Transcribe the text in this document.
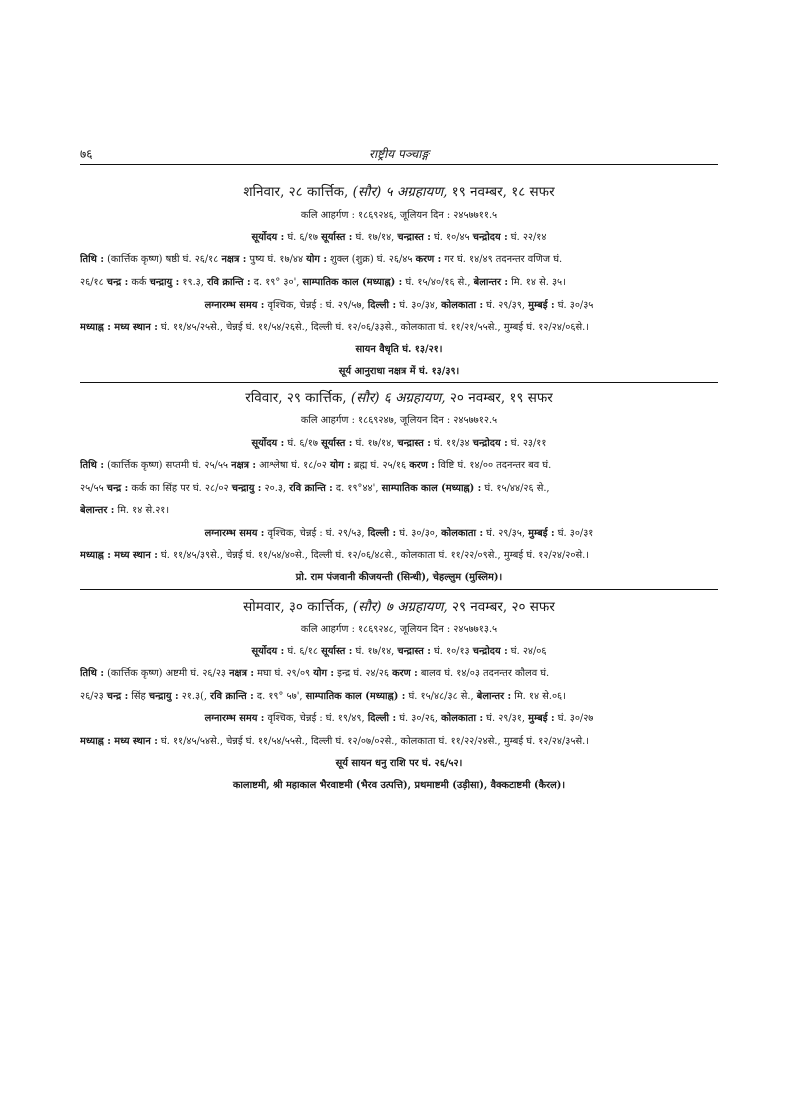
७६	राष्ट्रीय पञ्चाङ्ग
शनिवार, २८ कार्त्तिक, (सौर) ५ अग्रहायण, १९ नवम्बर, १८ सफर
कलि आहर्गण : १८६९२४६, जूलियन दिन : २४५७७११.५
सूर्योदय : घं. ६/१७ सूर्यास्त : घं. १७/१४, चन्द्रास्त : घं. १०/४५ चन्द्रोदय : घं. २२/१४
तिथि : (कार्त्तिक कृष्ण) षष्ठी घं. २६/१८ नक्षत्र : पुष्य घं. १७/४४ योग : शुक्ल (शुक्र) घं. २६/४५ करण : गर घं. १४/४९ तदनन्तर वणिज घं.
२६/१८ चन्द्र : कर्क चन्द्रायु : १९.३, रवि क्रान्ति : द. १९° ३०', साम्पातिक काल (मध्याह्न) : घं. १५/४०/१६ से., बेलान्तर : मि. १४ से. ३५।
लग्नारम्भ समय : वृश्चिक, चेन्नई : घं. २९/५७, दिल्ली : घं. ३०/३४, कोलकाता : घं. २९/३९, मुम्बई : घं. ३०/३५
मध्याह्न : मध्य स्थान : घं. ११/४५/२५से., चेन्नई घं. ११/५४/२६से., दिल्ली घं. १२/०६/३३से., कोलकाता घं. ११/२१/५५से., मुम्बई घं. १२/२४/०६से.।
सायन वैधृति घं. १३/२१।
सूर्य आनुराधा नक्षत्र में घं. १३/३९।
रविवार, २९ कार्त्तिक, (सौर) ६ अग्रहायण, २० नवम्बर, १९ सफर
कलि आहर्गण : १८६९२४७, जूलियन दिन : २४५७७१२.५
सूर्योदय : घं. ६/१७ सूर्यास्त : घं. १७/१४, चन्द्रास्त : घं. ११/३४ चन्द्रोदय : घं. २३/११
तिथि : (कार्त्तिक कृष्ण) सप्तमी घं. २५/५५ नक्षत्र : आश्लेषा घं. १८/०२ योग : ब्रह्म घं. २५/१६ करण : विष्टि घं. १४/०० तदनन्तर बव घं.
२५/५५ चन्द्र : कर्क का सिंह पर घं. २८/०२ चन्द्रायु : २०.३, रवि क्रान्ति : द. १९°४४', साम्पातिक काल (मध्याह्न) : घं. १५/४४/२६ से.,
बेलान्तर : मि. १४ से.२१।
लग्नारम्भ समय : वृश्चिक, चेन्नई : घं. २९/५३, दिल्ली : घं. ३०/३०, कोलकाता : घं. २९/३५, मुम्बई : घं. ३०/३१
मध्याह्न : मध्य स्थान : घं. ११/४५/३९से., चेन्नई घं. ११/५४/४०से., दिल्ली घं. १२/०६/४८से., कोलकाता घं. ११/२२/०९से., मुम्बई घं. १२/२४/२०से.।
प्रो. राम पंजवानी कीजयन्ती (सिन्धी), चेहल्लुम (मुस्लिम)।
सोमवार, ३० कार्त्तिक, (सौर) ७ अग्रहायण, २९ नवम्बर, २० सफर
कलि आहर्गण : १८६९२४८, जूलियन दिन : २४५७७१३.५
सूर्योदय : घं. ६/१८ सूर्यास्त : घं. १७/१४, चन्द्रास्त : घं. १०/१३ चन्द्रोदय : घं. २४/०६
तिथि : (कार्त्तिक कृष्ण) अष्टमी घं. २६/२३ नक्षत्र : मघा घं. २९/०९ योग : इन्द्र घं. २४/२६ करण : बालव घं. १४/०३ तदनन्तर कौलव घं.
२६/२३ चन्द्र : सिंह चन्द्रायु : २१.३(, रवि क्रान्ति : द. १९° ५७', साम्पातिक काल (मध्याह्न) : घं. १५/४८/३८ से., बेलान्तर : मि. १४ से.०६।
लग्नारम्भ समय : वृश्चिक, चेन्नई : घं. १९/४९, दिल्ली : घं. ३०/२६, कोलकाता : घं. २९/३१, मुम्बई : घं. ३०/२७
मध्याह्न : मध्य स्थान : घं. ११/४५/५४से., चेन्नई घं. ११/५४/५५से., दिल्ली घं. १२/०७/०२से., कोलकाता घं. ११/२२/२४से., मुम्बई घं. १२/२४/३५से.।
सूर्य सायन धनु राशि पर घं. २६/५२।
कालाष्टमी, श्री महाकाल भैरवाष्टमी (भैरव उत्पत्ति), प्रथमाष्टमी (उड़ीसा), वैक्कटाष्टमी (कैरल)।
